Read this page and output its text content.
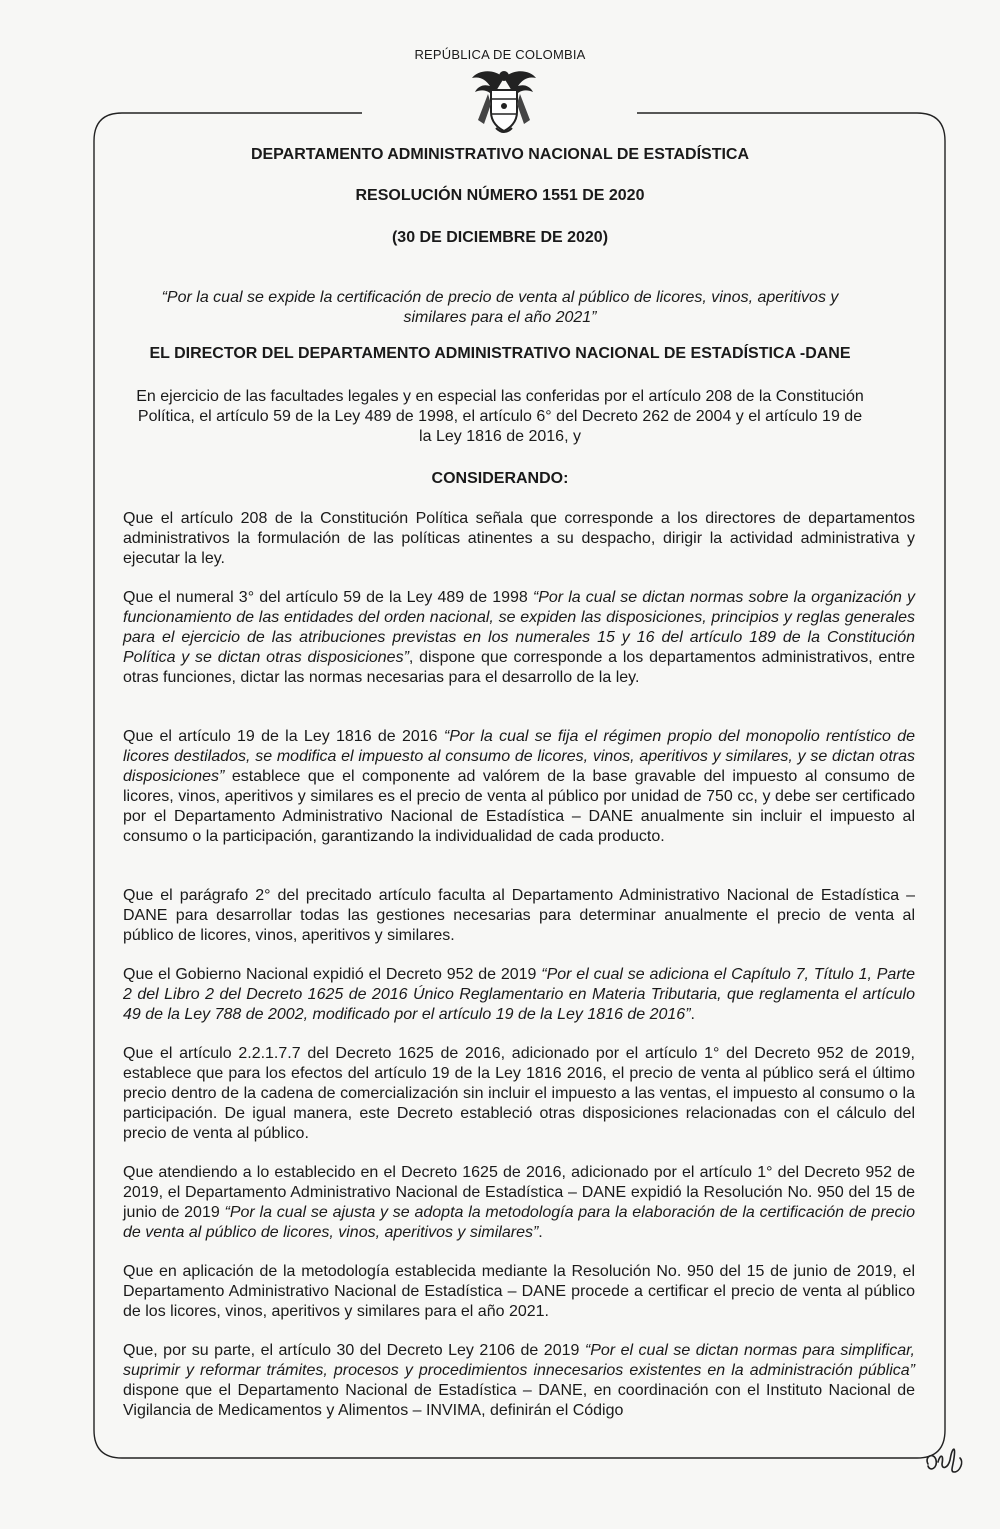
REPÚBLICA DE COLOMBIA
DEPARTAMENTO ADMINISTRATIVO NACIONAL DE ESTADÍSTICA
RESOLUCIÓN NÚMERO 1551 DE 2020
(30 DE DICIEMBRE DE 2020)
“Por la cual se expide la certificación de precio de venta al público de licores, vinos, aperitivos y similares para el año 2021”
EL DIRECTOR DEL DEPARTAMENTO ADMINISTRATIVO NACIONAL DE ESTADÍSTICA -DANE
En ejercicio de las facultades legales y en especial las conferidas por el artículo 208 de la Constitución Política, el artículo 59 de la Ley 489 de 1998, el artículo 6° del Decreto 262 de 2004 y el artículo 19 de la Ley 1816 de 2016, y
CONSIDERANDO:

Que el artículo 208 de la Constitución Política señala que corresponde a los directores de departamentos administrativos la formulación de las políticas atinentes a su despacho, dirigir la actividad administrativa y ejecutar la ley.

Que el numeral 3° del artículo 59 de la Ley 489 de 1998 “Por la cual se dictan normas sobre la organización y funcionamiento de las entidades del orden nacional, se expiden las disposiciones, principios y reglas generales para el ejercicio de las atribuciones previstas en los numerales 15 y 16 del artículo 189 de la Constitución Política y se dictan otras disposiciones”, dispone que corresponde a los departamentos administrativos, entre otras funciones, dictar las normas necesarias para el desarrollo de la ley.

Que el artículo 19 de la Ley 1816 de 2016 “Por la cual se fija el régimen propio del monopolio rentístico de licores destilados, se modifica el impuesto al consumo de licores, vinos, aperitivos y similares, y se dictan otras disposiciones” establece que el componente ad valórem de la base gravable del impuesto al consumo de licores, vinos, aperitivos y similares es el precio de venta al público por unidad de 750 cc, y debe ser certificado por el Departamento Administrativo Nacional de Estadística – DANE anualmente sin incluir el impuesto al consumo o la participación, garantizando la individualidad de cada producto.

Que el parágrafo 2° del precitado artículo faculta al Departamento Administrativo Nacional de Estadística – DANE para desarrollar todas las gestiones necesarias para determinar anualmente el precio de venta al público de licores, vinos, aperitivos y similares.

Que el Gobierno Nacional expidió el Decreto 952 de 2019 “Por el cual se adiciona el Capítulo 7, Título 1, Parte 2 del Libro 2 del Decreto 1625 de 2016 Único Reglamentario en Materia Tributaria, que reglamenta el artículo 49 de la Ley 788 de 2002, modificado por el artículo 19 de la Ley 1816 de 2016”.

Que el artículo 2.2.1.7.7 del Decreto 1625 de 2016, adicionado por el artículo 1° del Decreto 952 de 2019, establece que para los efectos del artículo 19 de la Ley 1816 2016, el precio de venta al público será el último precio dentro de la cadena de comercialización sin incluir el impuesto a las ventas, el impuesto al consumo o la participación. De igual manera, este Decreto estableció otras disposiciones relacionadas con el cálculo del precio de venta al público.

Que atendiendo a lo establecido en el Decreto 1625 de 2016, adicionado por el artículo 1° del Decreto 952 de 2019, el Departamento Administrativo Nacional de Estadística – DANE expidió la Resolución No. 950 del 15 de junio de 2019 “Por la cual se ajusta y se adopta la metodología para la elaboración de la certificación de precio de venta al público de licores, vinos, aperitivos y similares”.

Que en aplicación de la metodología establecida mediante la Resolución No. 950 del 15 de junio de 2019, el Departamento Administrativo Nacional de Estadística – DANE procede a certificar el precio de venta al público de los licores, vinos, aperitivos y similares para el año 2021.

Que, por su parte, el artículo 30 del Decreto Ley 2106 de 2019 “Por el cual se dictan normas para simplificar, suprimir y reformar trámites, procesos y procedimientos innecesarios existentes en la administración pública” dispone que el Departamento Nacional de Estadística – DANE, en coordinación con el Instituto Nacional de Vigilancia de Medicamentos y Alimentos – INVIMA, definirán el Código
